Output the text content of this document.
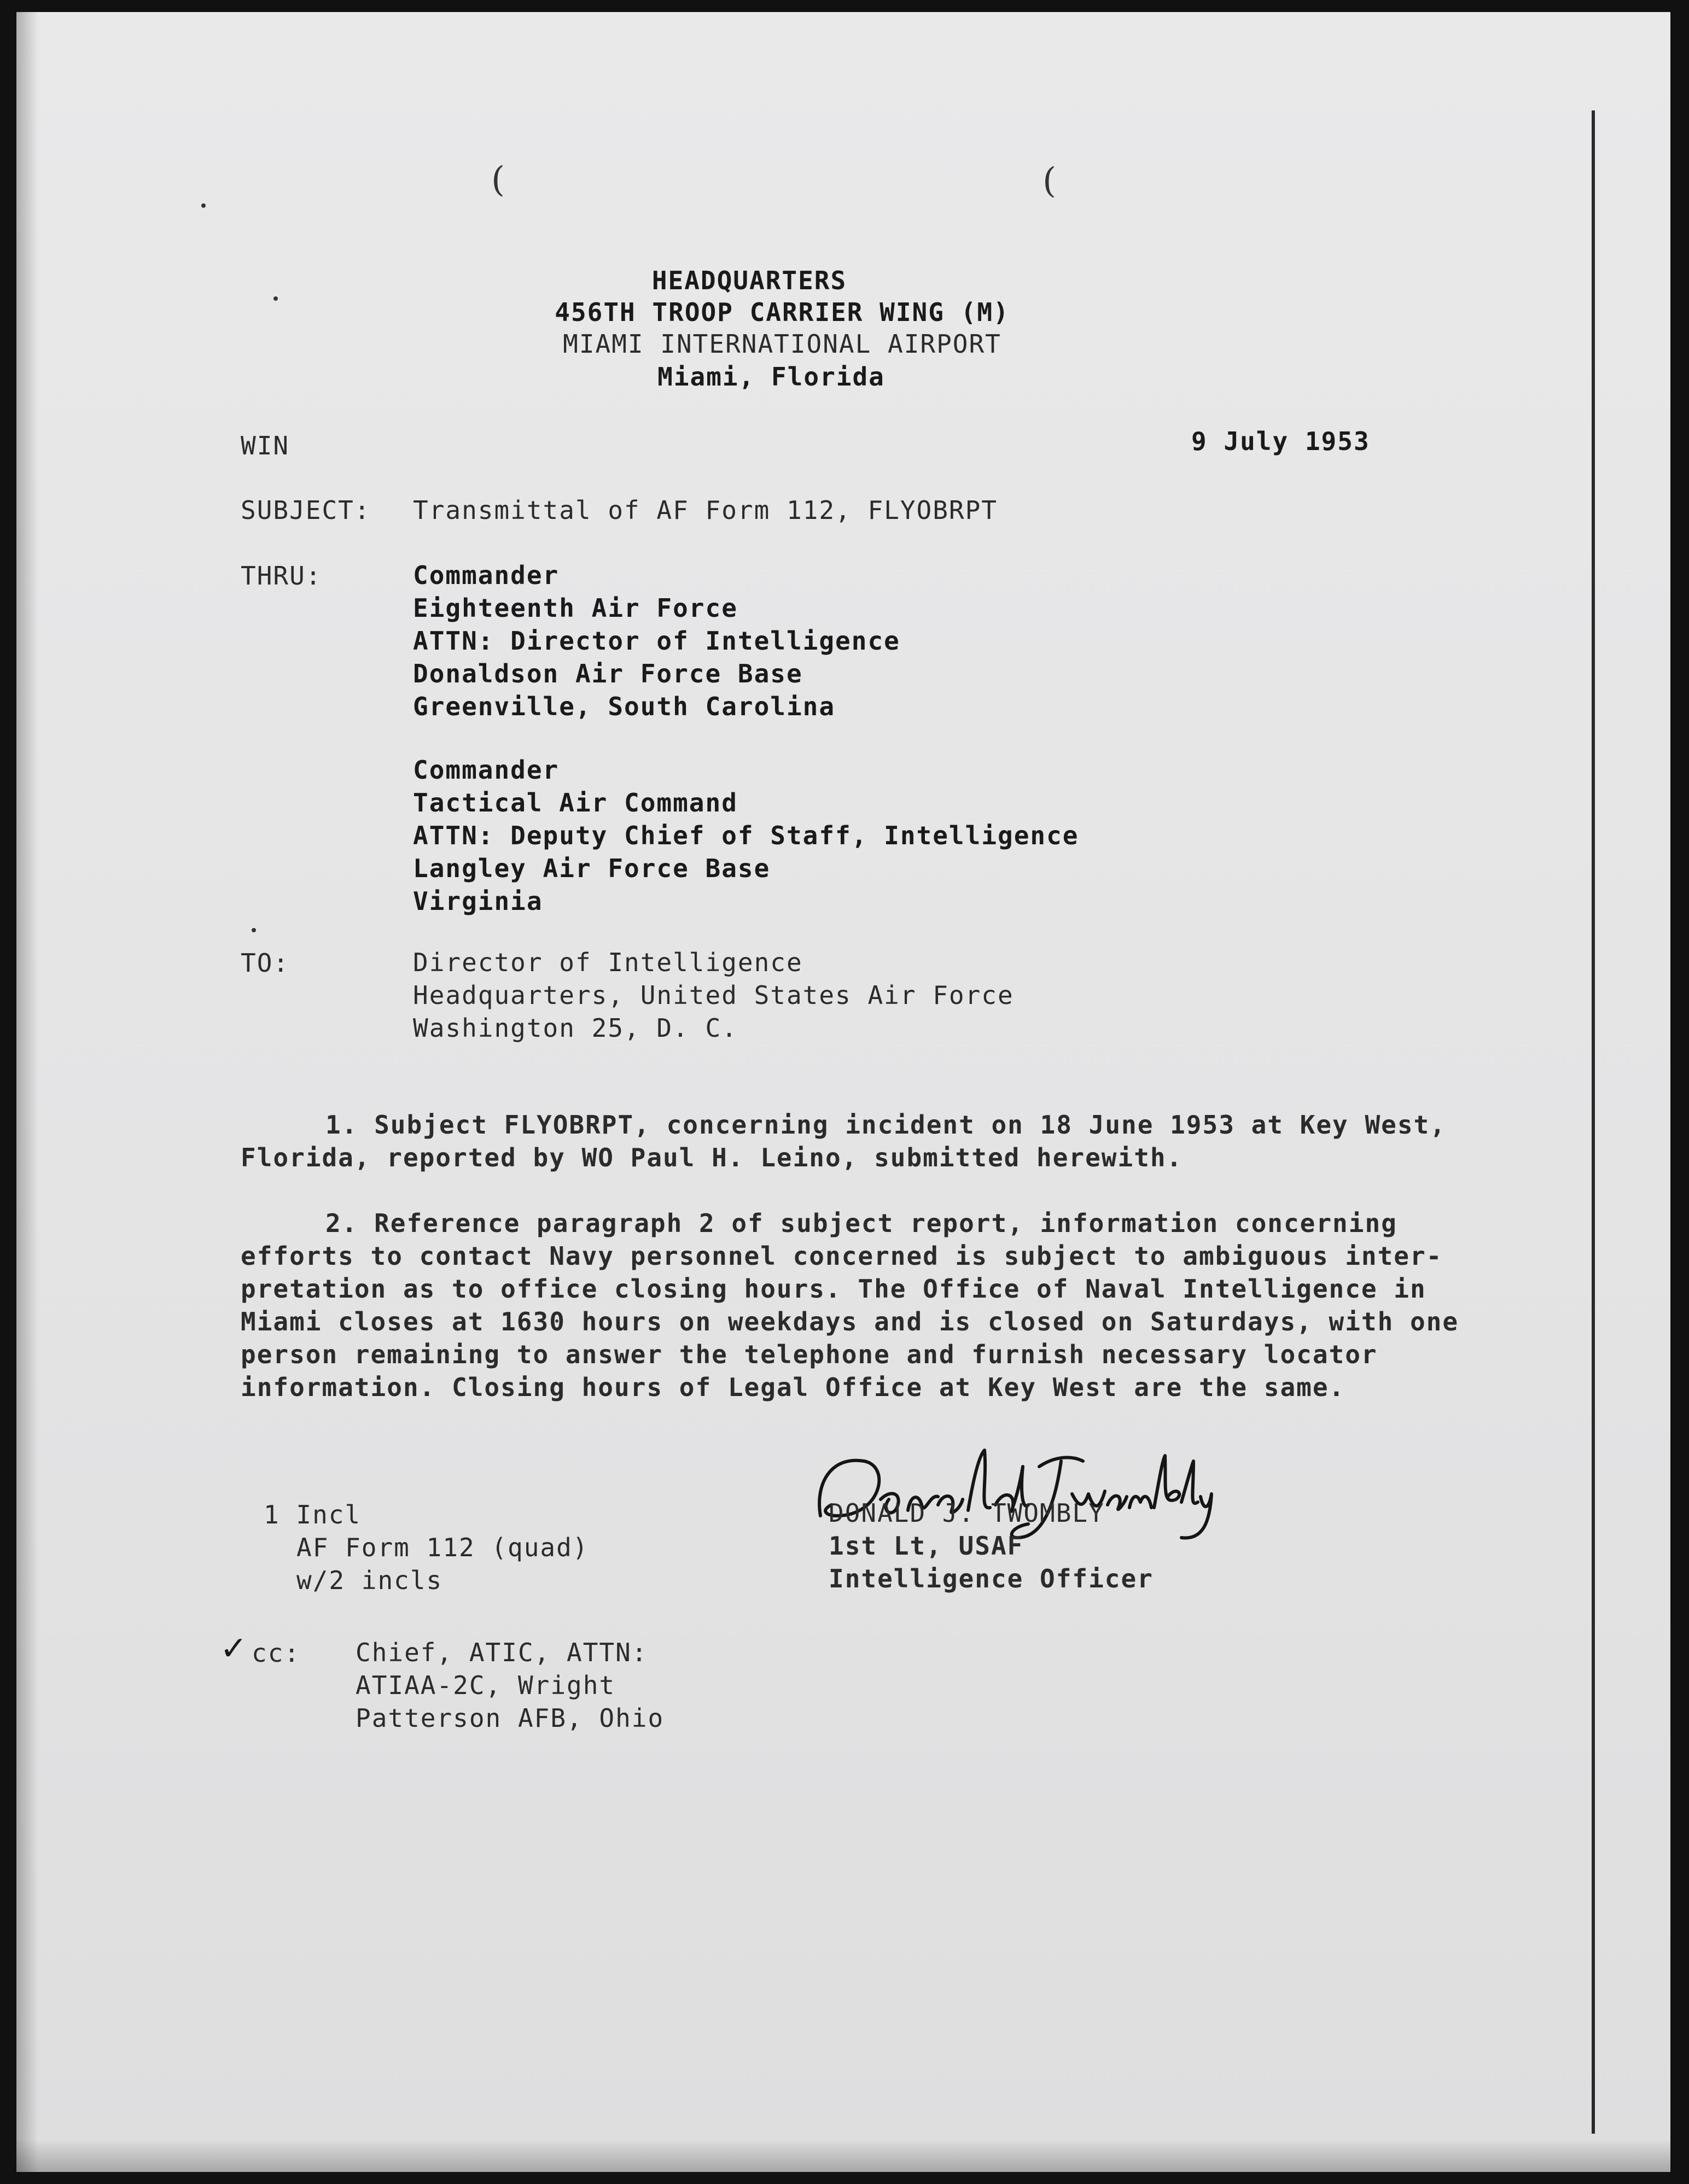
(	(
HEADQUARTERS
456TH TROOP CARRIER WING (M)
MIAMI INTERNATIONAL AIRPORT
Miami, Florida
WIN	9 July 1953
SUBJECT: Transmittal of AF Form 112, FLYOBRPT
THRU:	Commander
Eighteenth Air Force
ATTN: Director of Intelligence
Donaldson Air Force Base
Greenville, South Carolina
Commander
Tactical Air Command
ATTN: Deputy Chief of Staff, Intelligence
Langley Air Force Base
Virginia
TO:	Director of Intelligence
Headquarters, United States Air Force
Washington 25, D. C.
1. Subject FLYOBRPT, concerning incident on 18 June 1953 at Key West,
Florida, reported by WO Paul H. Leino, submitted herewith.
2. Reference paragraph 2 of subject report, information concerning
efforts to contact Navy personnel concerned is subject to ambiguous inter-
pretation as to office closing hours. The Office of Naval Intelligence in
Miami closes at 1630 hours on weekdays and is closed on Saturdays, with one
person remaining to answer the telephone and furnish necessary locator
information. Closing hours of Legal Office at Key West are the same.
DONALD J. TWOMBLY
1st Lt, USAF
Intelligence Officer
1 Incl
AF Form 112 (quad)
w/2 incls
✓ cc: Chief, ATIC, ATTN:
ATIAA-2C, Wright
Patterson AFB, Ohio
